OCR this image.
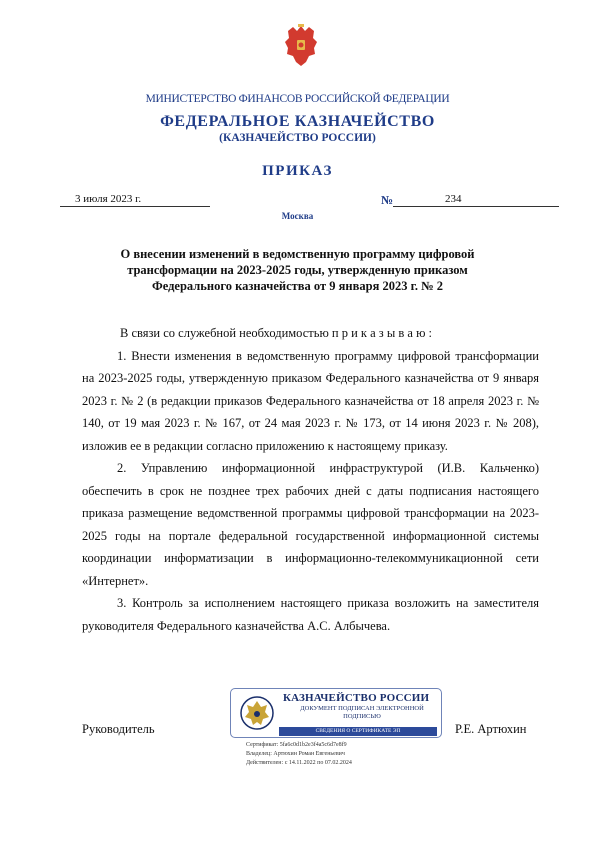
МИНИСТЕРСТВО ФИНАНСОВ РОССИЙСКОЙ ФЕДЕРАЦИИ
ФЕДЕРАЛЬНОЕ КАЗНАЧЕЙСТВО
(КАЗНАЧЕЙСТВО РОССИИ)
ПРИКАЗ
3 июля 2023 г.	№	234
Москва
О внесении изменений в ведомственную программу цифровой
трансформации на 2023-2025 годы, утвержденную приказом
Федерального казначейства от 9 января 2023 г. № 2

В связи со служебной необходимостью п р и к а з ы в а ю :

1. Внести изменения в ведомственную программу цифровой трансформации на 2023-2025 годы, утвержденную приказом Федерального казначейства от 9 января 2023 г. № 2 (в редакции приказов Федерального казначейства от 18 апреля 2023 г. № 140, от 19 мая 2023 г. № 167, от 24 мая 2023 г. № 173, от 14 июня 2023 г. № 208), изложив ее в редакции согласно приложению к настоящему приказу.

2. Управлению информационной инфраструктурой (И.В. Кальченко) обеспечить в срок не позднее трех рабочих дней с даты подписания настоящего приказа размещение ведомственной программы цифровой трансформации на 2023-2025 годы на портале федеральной государственной информационной системы координации информатизации в информационно-телекоммуникационной сети «Интернет».

3. Контроль за исполнением настоящего приказа возложить на заместителя руководителя Федерального казначейства А.С. Албычева.

Руководитель
КАЗНАЧЕЙСТВО РОССИИ
ДОКУМЕНТ ПОДПИСАН ЭЛЕКТРОННОЙ ПОДПИСЬЮ
СВЕДЕНИЯ О СЕРТИФИКАТЕ ЭП
Сертификат: 5fa6c0d1b2e3f4a5c6d7e8f9
Владелец: Артюхин Роман Евгеньевич
Действителен: с 14.11.2022 по 07.02.2024
Р.Е. Артюхин
